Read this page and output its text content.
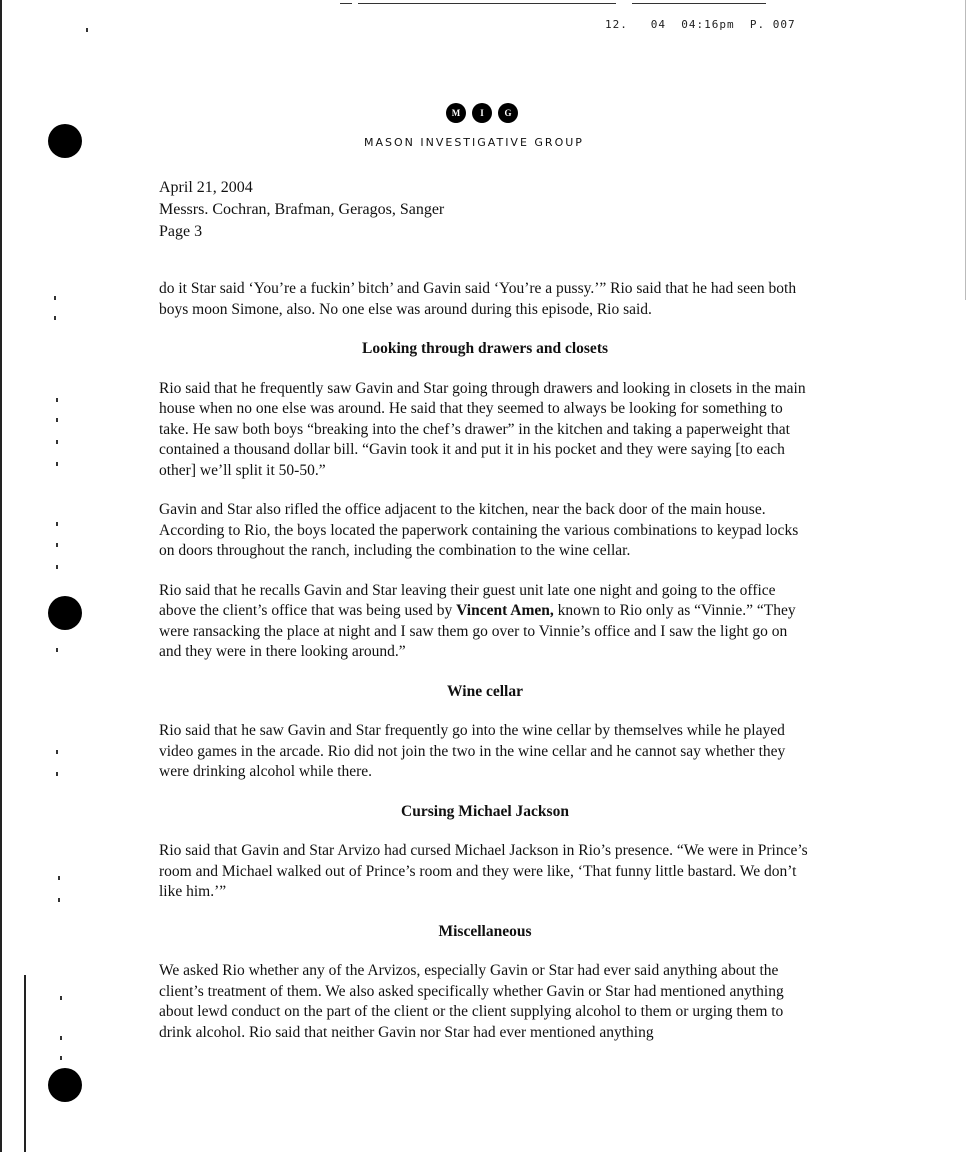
12.   04  04:16pm  P. 007
M	I	G
MASON INVESTIGATIVE GROUP
April 21, 2004
Messrs. Cochran, Brafman, Geragos, Sanger
Page 3

do it Star said ‘You’re a fuckin’ bitch’ and Gavin said ‘You’re a pussy.’” Rio said that he had seen both boys moon Simone, also. No one else was around during this episode, Rio said.

Looking through drawers and closets

Rio said that he frequently saw Gavin and Star going through drawers and looking in closets in the main house when no one else was around. He said that they seemed to always be looking for something to take. He saw both boys “breaking into the chef’s drawer” in the kitchen and taking a paperweight that contained a thousand dollar bill. “Gavin took it and put it in his pocket and they were saying [to each other] we’ll split it 50-50.”

Gavin and Star also rifled the office adjacent to the kitchen, near the back door of the main house. According to Rio, the boys located the paperwork containing the various combinations to keypad locks on doors throughout the ranch, including the combination to the wine cellar.

Rio said that he recalls Gavin and Star leaving their guest unit late one night and going to the office above the client’s office that was being used by Vincent Amen, known to Rio only as “Vinnie.” “They were ransacking the place at night and I saw them go over to Vinnie’s office and I saw the light go on and they were in there looking around.”

Wine cellar

Rio said that he saw Gavin and Star frequently go into the wine cellar by themselves while he played video games in the arcade. Rio did not join the two in the wine cellar and he cannot say whether they were drinking alcohol while there.

Cursing Michael Jackson

Rio said that Gavin and Star Arvizo had cursed Michael Jackson in Rio’s presence. “We were in Prince’s room and Michael walked out of Prince’s room and they were like, ‘That funny little bastard. We don’t like him.’”

Miscellaneous

We asked Rio whether any of the Arvizos, especially Gavin or Star had ever said anything about the client’s treatment of them. We also asked specifically whether Gavin or Star had mentioned anything about lewd conduct on the part of the client or the client supplying alcohol to them or urging them to drink alcohol. Rio said that neither Gavin nor Star had ever mentioned anything
